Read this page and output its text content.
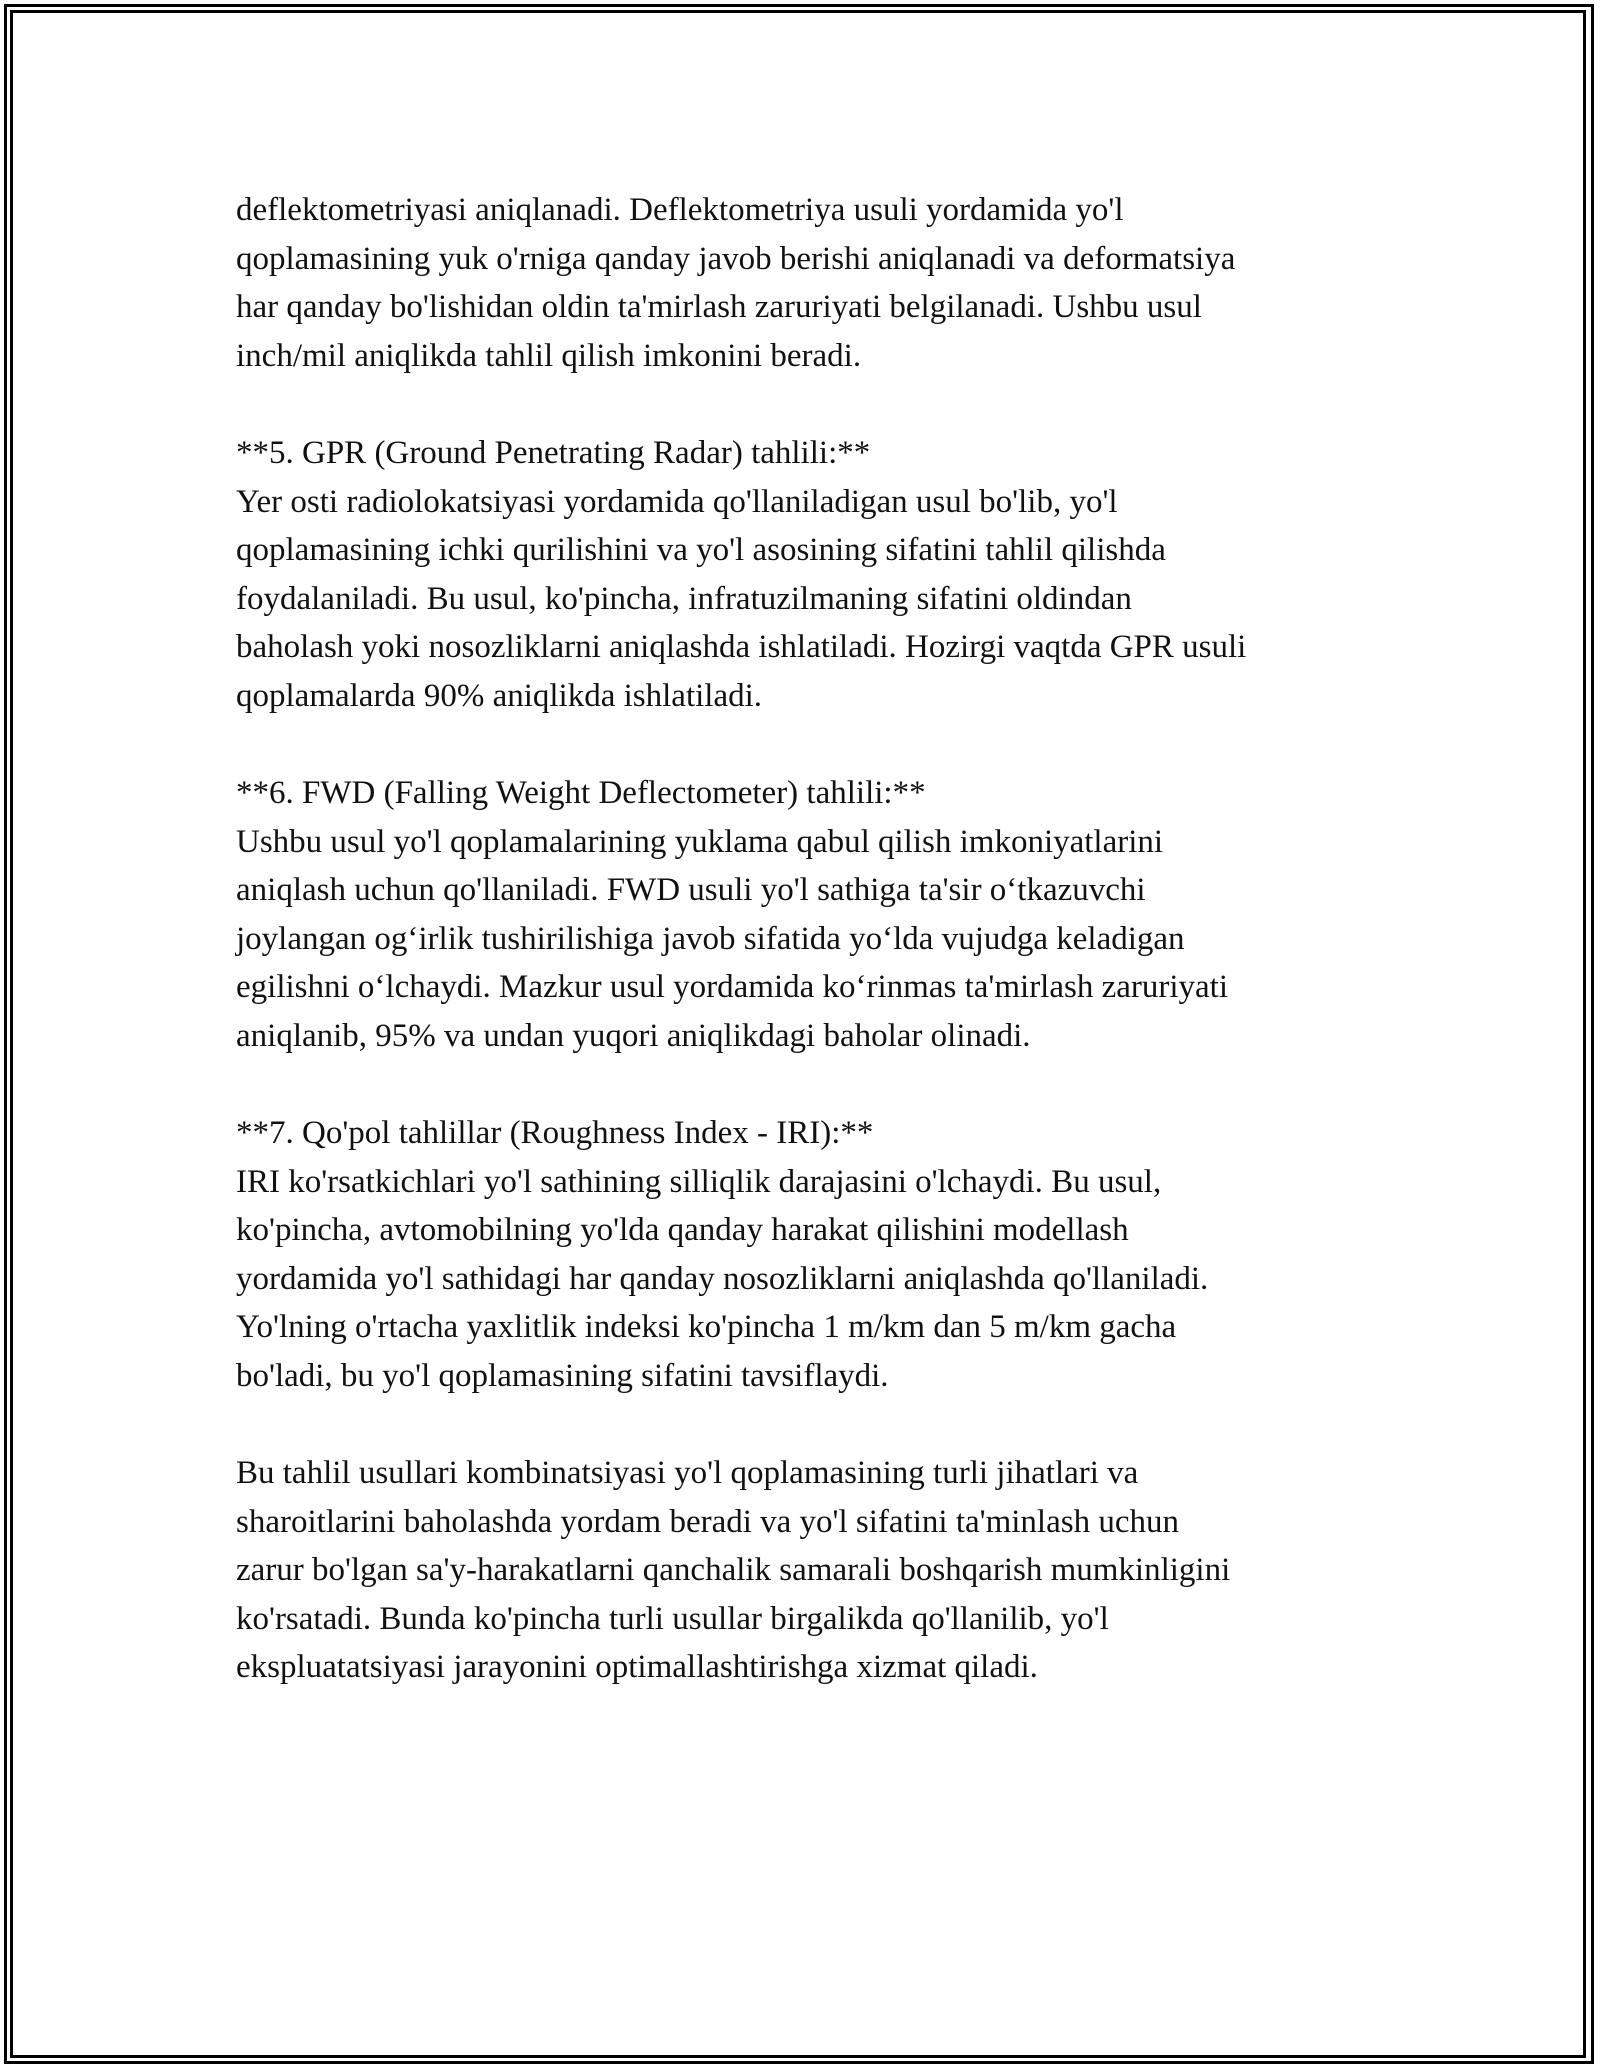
deflektometriyasi aniqlanadi. Deflektometriya usuli yordamida yo'l
qoplamasining yuk o'rniga qanday javob berishi aniqlanadi va deformatsiya
har qanday bo'lishidan oldin ta'mirlash zaruriyati belgilanadi. Ushbu usul
inch/mil aniqlikda tahlil qilish imkonini beradi.

**5. GPR (Ground Penetrating Radar) tahlili:**

Yer osti radiolokatsiyasi yordamida qo'llaniladigan usul bo'lib, yo'l
qoplamasining ichki qurilishini va yo'l asosining sifatini tahlil qilishda
foydalaniladi. Bu usul, ko'pincha, infratuzilmaning sifatini oldindan
baholash yoki nosozliklarni aniqlashda ishlatiladi. Hozirgi vaqtda GPR usuli
qoplamalarda 90% aniqlikda ishlatiladi.

**6. FWD (Falling Weight Deflectometer) tahlili:**

Ushbu usul yo'l qoplamalarining yuklama qabul qilish imkoniyatlarini
aniqlash uchun qo'llaniladi. FWD usuli yo'l sathiga ta'sir o‘tkazuvchi
joylangan og‘irlik tushirilishiga javob sifatida yo‘lda vujudga keladigan
egilishni o‘lchaydi. Mazkur usul yordamida ko‘rinmas ta'mirlash zaruriyati
aniqlanib, 95% va undan yuqori aniqlikdagi baholar olinadi.

**7. Qo'pol tahlillar (Roughness Index - IRI):**

IRI ko'rsatkichlari yo'l sathining silliqlik darajasini o'lchaydi. Bu usul,
ko'pincha, avtomobilning yo'lda qanday harakat qilishini modellash
yordamida yo'l sathidagi har qanday nosozliklarni aniqlashda qo'llaniladi.
Yo'lning o'rtacha yaxlitlik indeksi ko'pincha 1 m/km dan 5 m/km gacha
bo'ladi, bu yo'l qoplamasining sifatini tavsiflaydi.

Bu tahlil usullari kombinatsiyasi yo'l qoplamasining turli jihatlari va
sharoitlarini baholashda yordam beradi va yo'l sifatini ta'minlash uchun
zarur bo'lgan sa'y-harakatlarni qanchalik samarali boshqarish mumkinligini
ko'rsatadi. Bunda ko'pincha turli usullar birgalikda qo'llanilib, yo'l
ekspluatatsiyasi jarayonini optimallashtirishga xizmat qiladi.
